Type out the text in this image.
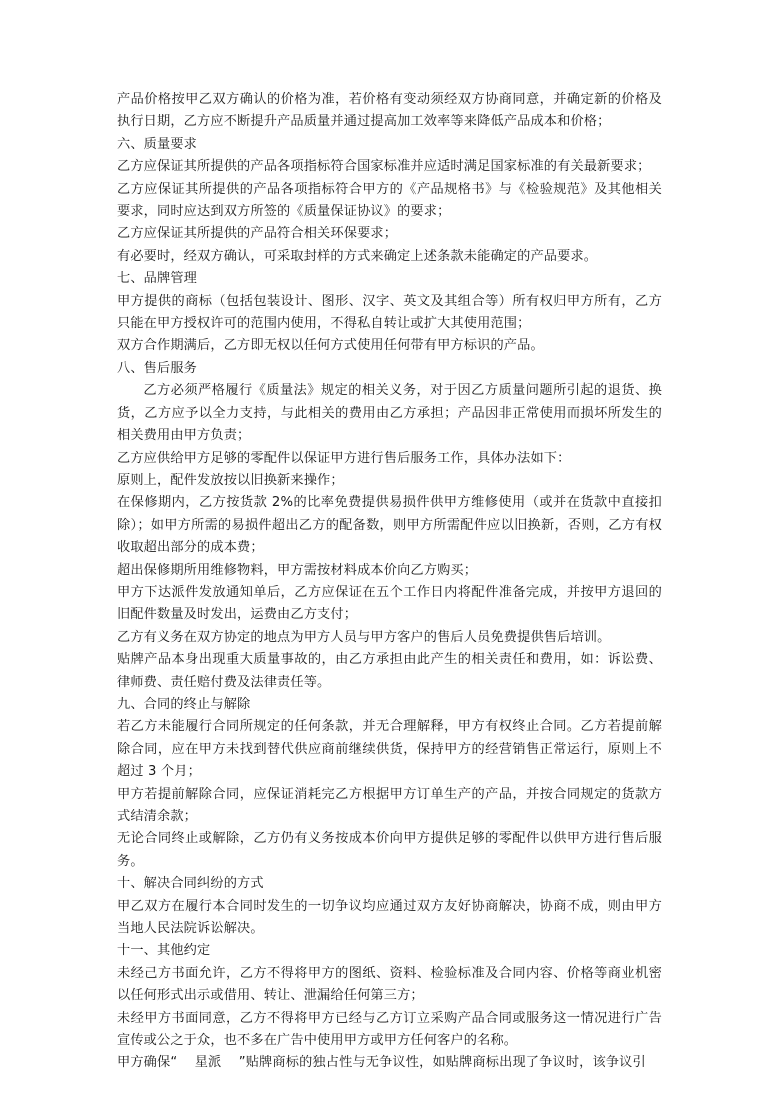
产品价格按甲乙双方确认的价格为准，若价格有变动须经双方协商同意，并确定新的价格及执行日期，乙方应不断提升产品质量并通过提高加工效率等来降低产品成本和价格；

六、质量要求

乙方应保证其所提供的产品各项指标符合国家标准并应适时满足国家标准的有关最新要求；

乙方应保证其所提供的产品各项指标符合甲方的《产品规格书》与《检验规范》及其他相关要求，同时应达到双方所签的《质量保证协议》的要求；

乙方应保证其所提供的产品符合相关环保要求；

有必要时，经双方确认，可采取封样的方式来确定上述条款未能确定的产品要求。

七、品牌管理

甲方提供的商标（包括包装设计、图形、汉字、英文及其组合等）所有权归甲方所有，乙方只能在甲方授权许可的范围内使用，不得私自转让或扩大其使用范围；

双方合作期满后，乙方即无权以任何方式使用任何带有甲方标识的产品。

八、售后服务

乙方必须严格履行《质量法》规定的相关义务，对于因乙方质量问题所引起的退货、换货，乙方应予以全力支持，与此相关的费用由乙方承担；产品因非正常使用而损坏所发生的相关费用由甲方负责；

乙方应供给甲方足够的零配件以保证甲方进行售后服务工作，具体办法如下：

原则上，配件发放按以旧换新来操作；

在保修期内，乙方按货款 2%的比率免费提供易损件供甲方维修使用（或并在货款中直接扣除）；如甲方所需的易损件超出乙方的配备数，则甲方所需配件应以旧换新，否则，乙方有权收取超出部分的成本费；

超出保修期所用维修物料，甲方需按材料成本价向乙方购买；

甲方下达派件发放通知单后，乙方应保证在五个工作日内将配件准备完成，并按甲方退回的旧配件数量及时发出，运费由乙方支付；

乙方有义务在双方协定的地点为甲方人员与甲方客户的售后人员免费提供售后培训。

贴牌产品本身出现重大质量事故的，由乙方承担由此产生的相关责任和费用，如：诉讼费、律师费、责任赔付费及法律责任等。

九、合同的终止与解除

若乙方未能履行合同所规定的任何条款，并无合理解释，甲方有权终止合同。乙方若提前解除合同，应在甲方未找到替代供应商前继续供货，保持甲方的经营销售正常运行，原则上不超过 3 个月；

甲方若提前解除合同，应保证消耗完乙方根据甲方订单生产的产品，并按合同规定的货款方式结清余款；

无论合同终止或解除，乙方仍有义务按成本价向甲方提供足够的零配件以供甲方进行售后服务。

十、解决合同纠纷的方式

甲乙双方在履行本合同时发生的一切争议均应通过双方友好协商解决，协商不成，则由甲方当地人民法院诉讼解决。

十一、其他约定

未经己方书面允许，乙方不得将甲方的图纸、资料、检验标准及合同内容、价格等商业机密以任何形式出示或借用、转让、泄漏给任何第三方；

未经甲方书面同意，乙方不得将甲方已经与乙方订立采购产品合同或服务这一情况进行广告宣传或公之于众，也不多在广告中使用甲方或甲方任何客户的名称。

甲方确保“    星派    ”贴牌商标的独占性与无争议性，如贴牌商标出现了争议时，该争议引
